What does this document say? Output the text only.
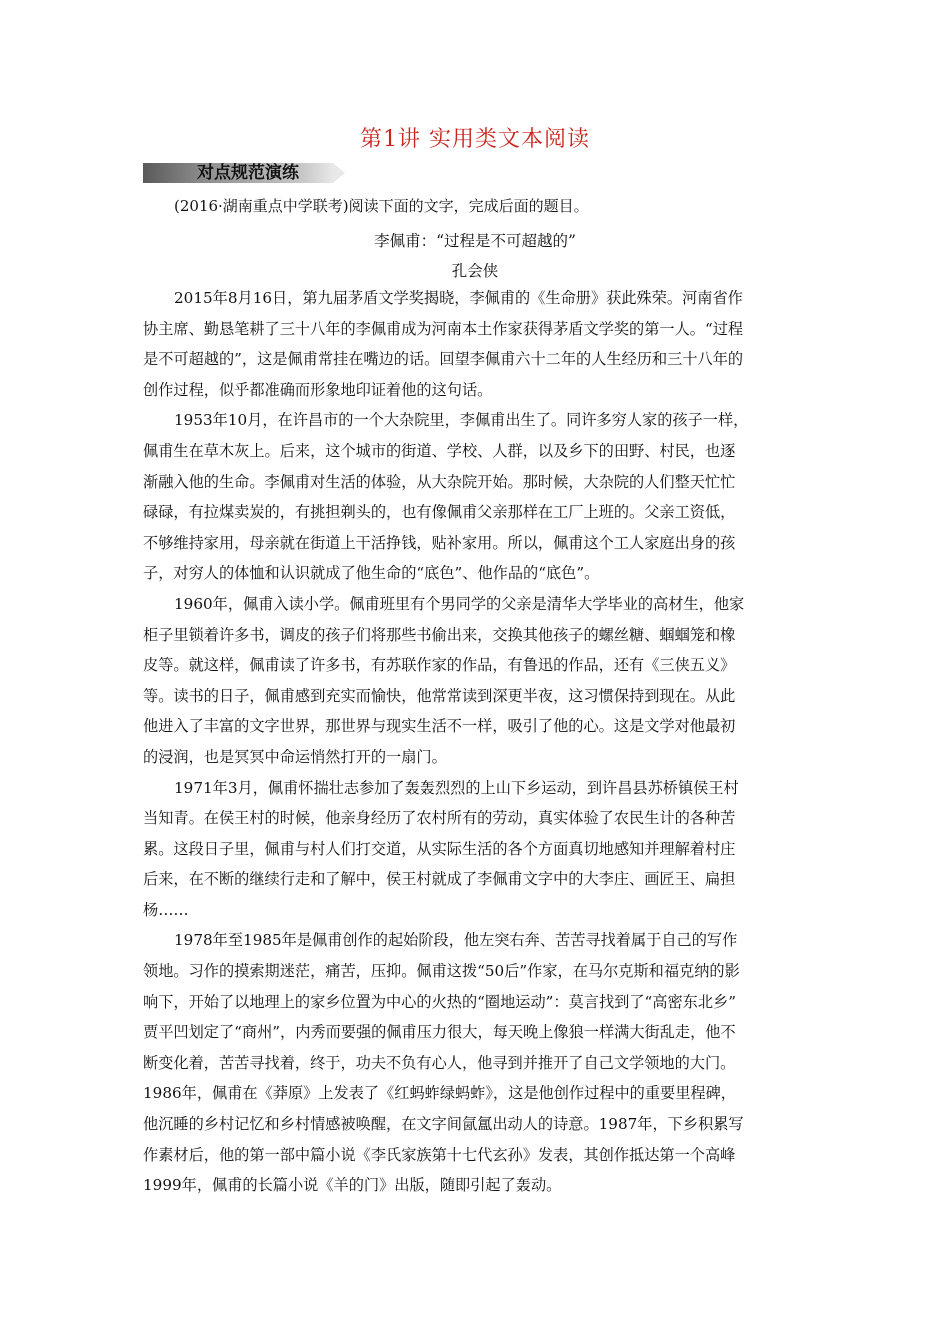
第1讲 实用类文本阅读
对点规范演练
(2016·湖南重点中学联考)阅读下面的文字，完成后面的题目。
李佩甫：“过程是不可超越的”
孔会侠

2015年8月16日，第九届茅盾文学奖揭晓，李佩甫的《生命册》获此殊荣。河南省作
协主席、勤恳笔耕了三十八年的李佩甫成为河南本土作家获得茅盾文学奖的第一人。“过程
是不可超越的”，这是佩甫常挂在嘴边的话。回望李佩甫六十二年的人生经历和三十八年的
创作过程，似乎都准确而形象地印证着他的这句话。

1953年10月，在许昌市的一个大杂院里，李佩甫出生了。同许多穷人家的孩子一样，
佩甫生在草木灰上。后来，这个城市的街道、学校、人群，以及乡下的田野、村民，也逐
渐融入他的生命。李佩甫对生活的体验，从大杂院开始。那时候，大杂院的人们整天忙忙
碌碌，有拉煤卖炭的，有挑担剃头的，也有像佩甫父亲那样在工厂上班的。父亲工资低，
不够维持家用，母亲就在街道上干活挣钱，贴补家用。所以，佩甫这个工人家庭出身的孩
子，对穷人的体恤和认识就成了他生命的“底色”、他作品的“底色”。

1960年，佩甫入读小学。佩甫班里有个男同学的父亲是清华大学毕业的高材生，他家
柜子里锁着许多书，调皮的孩子们将那些书偷出来，交换其他孩子的螺丝糖、蝈蝈笼和橡
皮等。就这样，佩甫读了许多书，有苏联作家的作品，有鲁迅的作品，还有《三侠五义》
等。读书的日子，佩甫感到充实而愉快，他常常读到深更半夜，这习惯保持到现在。从此
他进入了丰富的文字世界，那世界与现实生活不一样，吸引了他的心。这是文学对他最初
的浸润，也是冥冥中命运悄然打开的一扇门。

1971年3月，佩甫怀揣壮志参加了轰轰烈烈的上山下乡运动，到许昌县苏桥镇侯王村
当知青。在侯王村的时候，他亲身经历了农村所有的劳动，真实体验了农民生计的各种苦
累。这段日子里，佩甫与村人们打交道，从实际生活的各个方面真切地感知并理解着村庄
后来，在不断的继续行走和了解中，侯王村就成了李佩甫文字中的大李庄、画匠王、扁担
杨……

1978年至1985年是佩甫创作的起始阶段，他左突右奔、苦苦寻找着属于自己的写作
领地。习作的摸索期迷茫，痛苦，压抑。佩甫这拨“50后”作家，在马尔克斯和福克纳的影
响下，开始了以地理上的家乡位置为中心的火热的“圈地运动”：莫言找到了“高密东北乡”
贾平凹划定了“商州”，内秀而要强的佩甫压力很大，每天晚上像狼一样满大街乱走，他不
断变化着，苦苦寻找着，终于，功夫不负有心人，他寻到并推开了自己文学领地的大门。
1986年，佩甫在《莽原》上发表了《红蚂蚱绿蚂蚱》，这是他创作过程中的重要里程碑，
他沉睡的乡村记忆和乡村情感被唤醒，在文字间氤氲出动人的诗意。1987年，下乡积累写
作素材后，他的第一部中篇小说《李氏家族第十七代玄孙》发表，其创作抵达第一个高峰
1999年，佩甫的长篇小说《羊的门》出版，随即引起了轰动。
